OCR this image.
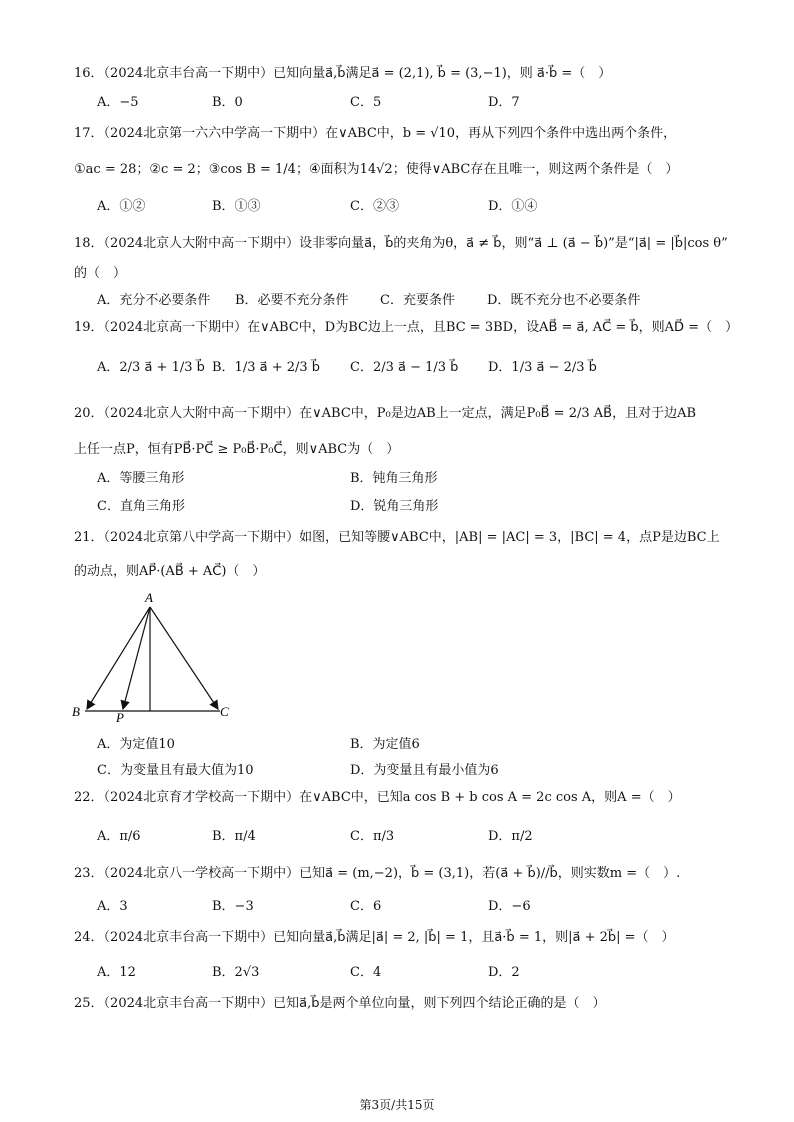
16．（2024北京丰台高一下期中）已知向量a⃗,b⃗满足a⃗ = (2,1), b⃗ = (3,−1)，则 a⃗·b⃗ =（　）
A．−5	B．0	C．5	D．7
17．（2024北京第一六六中学高一下期中）在∨ABC中，b = √10，再从下列四个条件中选出两个条件，
①ac = 28；②c = 2；③cos B = 1/4；④面积为14√2；使得∨ABC存在且唯一，则这两个条件是（　）
A．①②	B．①③	C．②③	D．①④
18．（2024北京人大附中高一下期中）设非零向量a⃗，b⃗的夹角为θ，a⃗ ≠ b⃗，则“a⃗ ⊥ (a⃗ − b⃗)”是“|a⃗| = |b⃗|cos θ”
的（　）
A．充分不必要条件 B．必要不充分条件 C．充要条件 D．既不充分也不必要条件
19．（2024北京高一下期中）在∨ABC中，D为BC边上一点，且BC = 3BD，设AB⃗ = a⃗, AC⃗ = b⃗，则AD⃗ =（　）
A．2/3 a⃗ + 1/3 b⃗ B．1/3 a⃗ + 2/3 b⃗ C．2/3 a⃗ − 1/3 b⃗ D．1/3 a⃗ − 2/3 b⃗
20．（2024北京人大附中高一下期中）在∨ABC中，P₀是边AB上一定点，满足P₀B⃗ = 2/3 AB⃗，且对于边AB
上任一点P，恒有PB⃗·PC⃗ ≥ P₀B⃗·P₀C⃗，则∨ABC为（　）
A．等腰三角形	B．钝角三角形
C．直角三角形	D．锐角三角形
21．（2024北京第八中学高一下期中）如图，已知等腰∨ABC中，|AB| = |AC| = 3，|BC| = 4，点P是边BC上
的动点，则AP⃗·(AB⃗ + AC⃗)（　）
A
B	P	C
A．为定值10	B．为定值6
C．为变量且有最大值为10	D．为变量且有最小值为6
22．（2024北京育才学校高一下期中）在∨ABC中，已知a cos B + b cos A = 2c cos A，则A =（　）
A．π/6	B．π/4	C．π/3	D．π/2
23．（2024北京八一学校高一下期中）已知a⃗ = (m,−2)，b⃗ = (3,1)，若(a⃗ + b⃗)//b⃗，则实数m =（　）.
A．3	B．−3	C．6	D．−6
24．（2024北京丰台高一下期中）已知向量a⃗,b⃗满足|a⃗| = 2, |b⃗| = 1，且a⃗·b⃗ = 1，则|a⃗ + 2b⃗| =（　）
A．12	B．2√3	C．4	D．2
25．（2024北京丰台高一下期中）已知a⃗,b⃗是两个单位向量，则下列四个结论正确的是（　）
第3页/共15页
